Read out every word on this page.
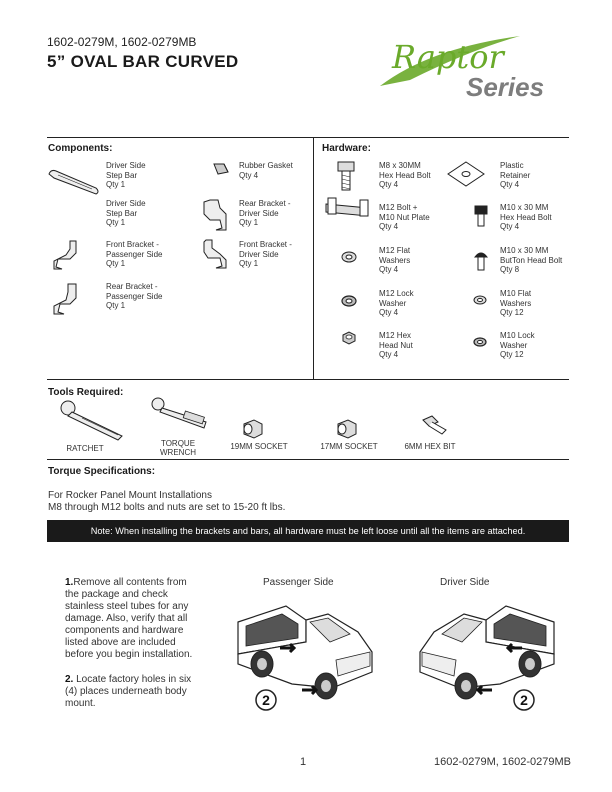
1602-0279M, 1602-0279MB
5” OVAL BAR CURVED	Raptor
Series
Components:
Driver Side
Step Bar
Qty 1
Driver Side
Step Bar
Qty 1
Front Bracket -
Passenger Side
Qty 1
Rear Bracket -
Passenger Side
Qty 1
Rubber Gasket
Qty 4
Rear Bracket -
Driver Side
Qty 1
Front Bracket -
Driver Side
Qty 1
Hardware:
M8 x 30MM
Hex Head Bolt
Qty 4
M12 Bolt +
M10 Nut Plate
Qty 4
M12 Flat
Washers
Qty 4
M12 Lock
Washer
Qty 4
M12 Hex
Head Nut
Qty 4
Plastic
Retainer
Qty 4
M10 x 30 MM
Hex Head Bolt
Qty 4
M10 x 30 MM
ButTon Head Bolt
Qty 8
M10 Flat
Washers
Qty 12
M10 Lock
Washer
Qty 12
Tools Required:
RATCHET
TORQUE
WRENCH
19MM SOCKET	17MM SOCKET	6MM HEX BIT
Torque Specifications:
For Rocker Panel Mount Installations
M8 through M12 bolts and nuts are set to 15-20 ft lbs.
Note: When installing the brackets and bars, all hardware must be left loose until all the items are attached.
1.Remove all contents from
the package and check
stainless steel tubes for any
damage. Also, verify that all
components and hardware
listed above are included
before you begin installation.
2. Locate factory holes in six
(4) places underneath body
mount.
Passenger Side	Driver Side
2	2
1	1602-0279M, 1602-0279MB
